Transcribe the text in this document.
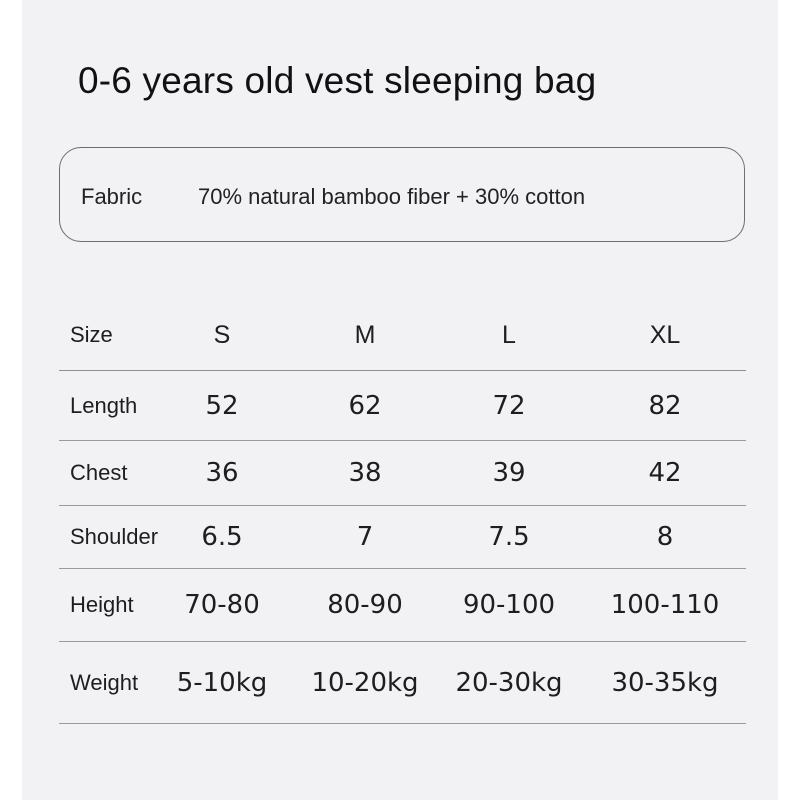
0-6 years old vest sleeping bag
Fabric	70% natural bamboo fiber + 30% cotton
Size	S	M	L	XL
Length	52	62	72	82
Chest	36	38	39	42
Shoulder	6.5	7	7.5	8
Height	70-80	80-90	90-100 100-110
Weight 5-10kg 10-20kg 20-30kg 30-35kg
